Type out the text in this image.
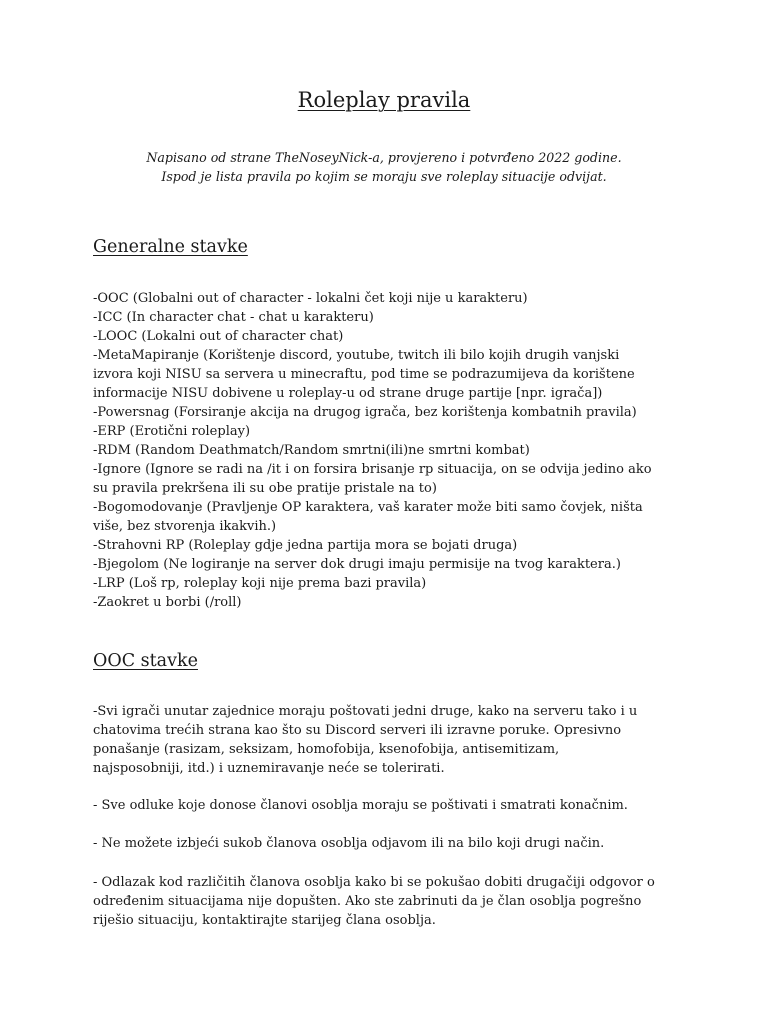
Roleplay pravila

Napisano od strane TheNoseyNick-a, provjereno i potvrđeno 2022 godine.
Ispod je lista pravila po kojim se moraju sve roleplay situacije odvijat.

Generalne stavke
-OOC (Globalni out of character - lokalni čet koji nije u karakteru)
-ICC (In character chat - chat u karakteru)
-LOOC (Lokalni out of character chat)
-MetaMapiranje (Korištenje discord, youtube, twitch ili bilo kojih drugih vanjski
izvora koji NISU sa servera u minecraftu, pod time se podrazumijeva da korištene
informacije NISU dobivene u roleplay-u od strane druge partije [npr. igrača])
-Powersnag (Forsiranje akcija na drugog igrača, bez korištenja kombatnih pravila)
-ERP (Erotični roleplay)
-RDM (Random Deathmatch/Random smrtni(ili)ne smrtni kombat)
-Ignore (Ignore se radi na /it i on forsira brisanje rp situacija, on se odvija jedino ako
su pravila prekršena ili su obe pratije pristale na to)
-Bogomodovanje (Pravljenje OP karaktera, vaš karater može biti samo čovjek, ništa
više, bez stvorenja ikakvih.)
-Strahovni RP (Roleplay gdje jedna partija mora se bojati druga)
-Bjegolom (Ne logiranje na server dok drugi imaju permisije na tvog karaktera.)
-LRP (Loš rp, roleplay koji nije prema bazi pravila)
-Zaokret u borbi (/roll)
OOC stavke

-Svi igrači unutar zajednice moraju poštovati jedni druge, kako na serveru tako i u
chatovima trećih strana kao što su Discord serveri ili izravne poruke. Opresivno
ponašanje (rasizam, seksizam, homofobija, ksenofobija, antisemitizam,
najsposobniji, itd.) i uznemiravanje neće se tolerirati.

- Sve odluke koje donose članovi osoblja moraju se poštivati i smatrati konačnim.

- Ne možete izbjeći sukob članova osoblja odjavom ili na bilo koji drugi način.

- Odlazak kod različitih članova osoblja kako bi se pokušao dobiti drugačiji odgovor o
određenim situacijama nije dopušten. Ako ste zabrinuti da je član osoblja pogrešno
riješio situaciju, kontaktirajte starijeg člana osoblja.
